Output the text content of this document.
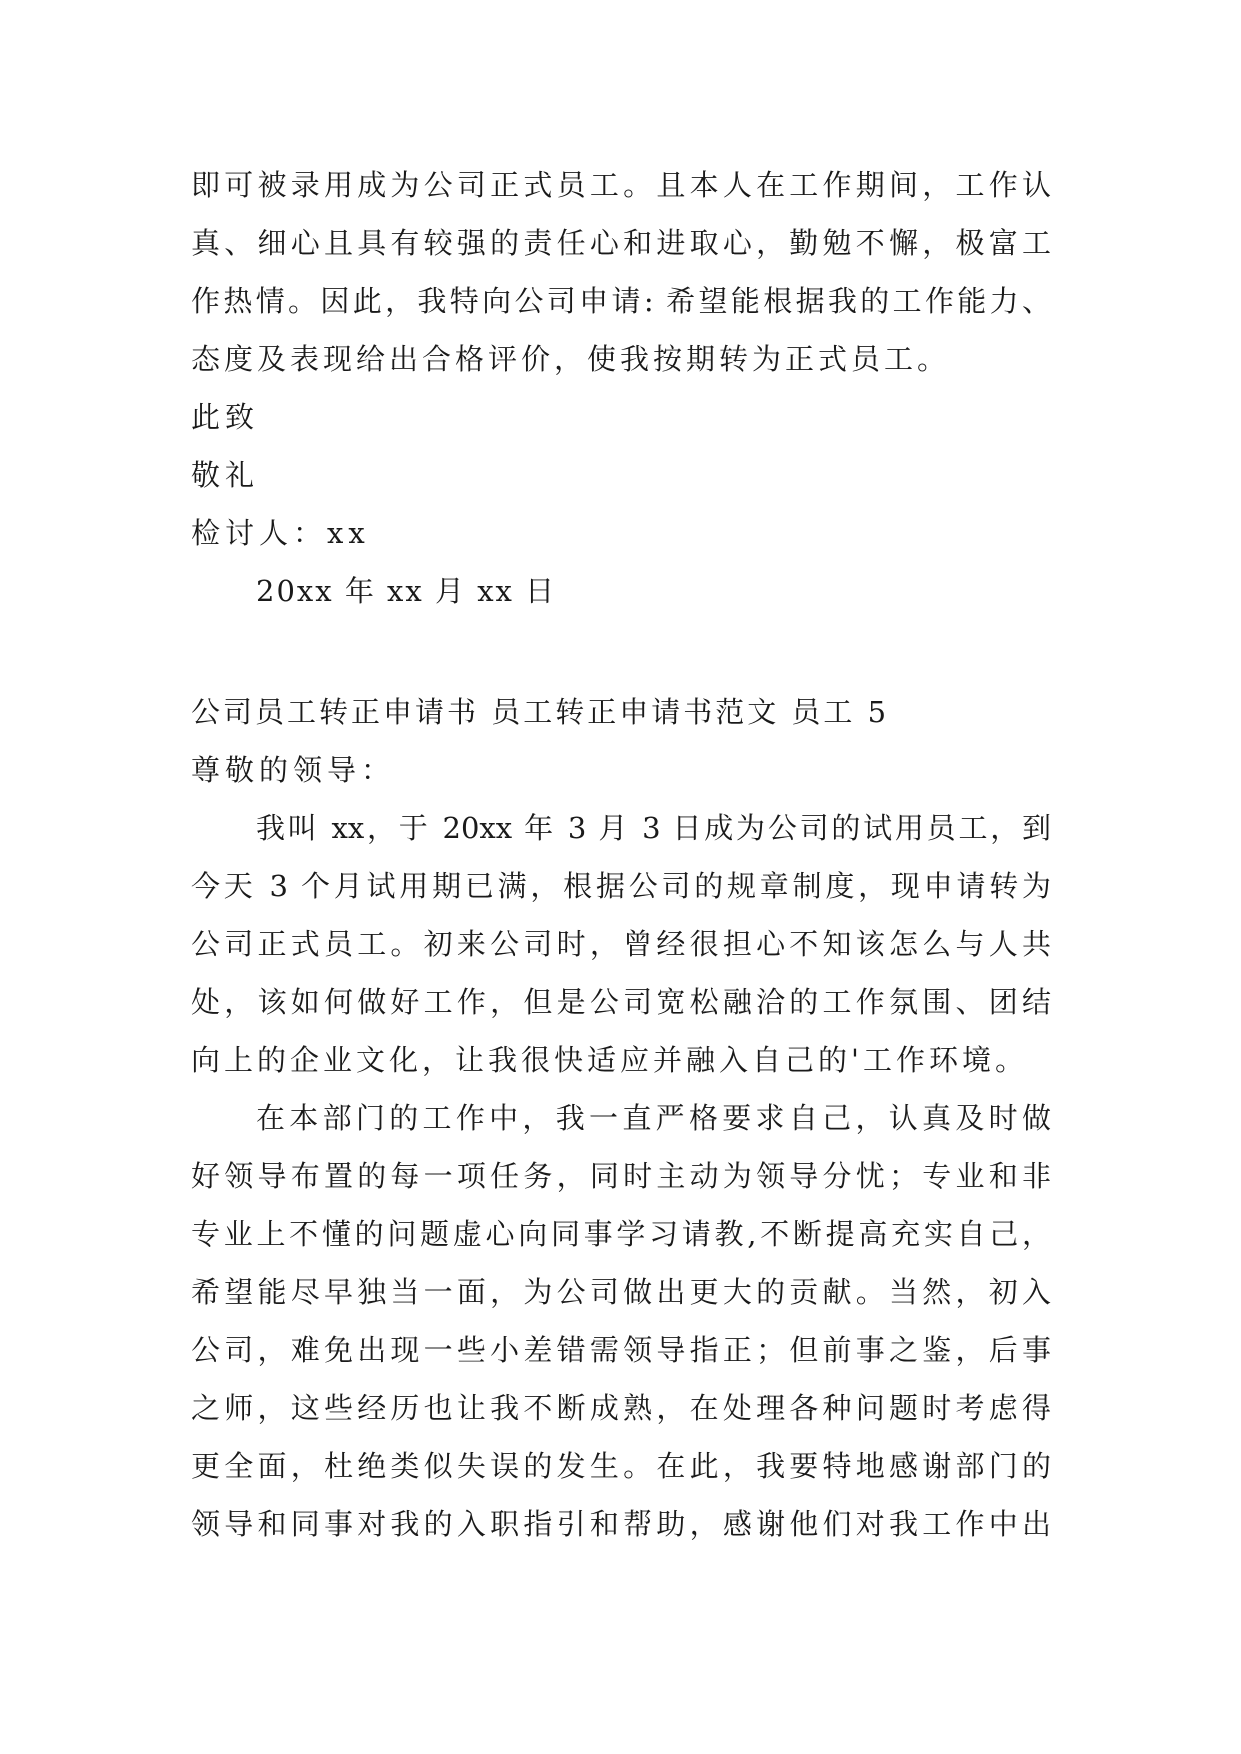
即可被录用成为公司正式员工。且本人在工作期间，工作认
真、细心且具有较强的责任心和进取心，勤勉不懈，极富工
作热情。因此，我特向公司申请: 希望能根据我的工作能力、
态度及表现给出合格评价，使我按期转为正式员工。
此致
敬礼
检讨人：xx
20xx 年 xx 月 xx 日
公司员工转正申请书 员工转正申请书范文 员工 5
尊敬的领导：
我叫 xx，于 20xx 年 3 月 3 日成为公司的试用员工，到
今天 3 个月试用期已满，根据公司的规章制度，现申请转为
公司正式员工。初来公司时，曾经很担心不知该怎么与人共
处，该如何做好工作，但是公司宽松融洽的工作氛围、团结
向上的企业文化，让我很快适应并融入自己的'工作环境。
在本部门的工作中，我一直严格要求自己，认真及时做
好领导布置的每一项任务，同时主动为领导分忧；专业和非
专业上不懂的问题虚心向同事学习请教,不断提高充实自己，
希望能尽早独当一面，为公司做出更大的贡献。当然，初入
公司，难免出现一些小差错需领导指正；但前事之鉴，后事
之师，这些经历也让我不断成熟，在处理各种问题时考虑得
更全面，杜绝类似失误的发生。在此，我要特地感谢部门的
领导和同事对我的入职指引和帮助，感谢他们对我工作中出
